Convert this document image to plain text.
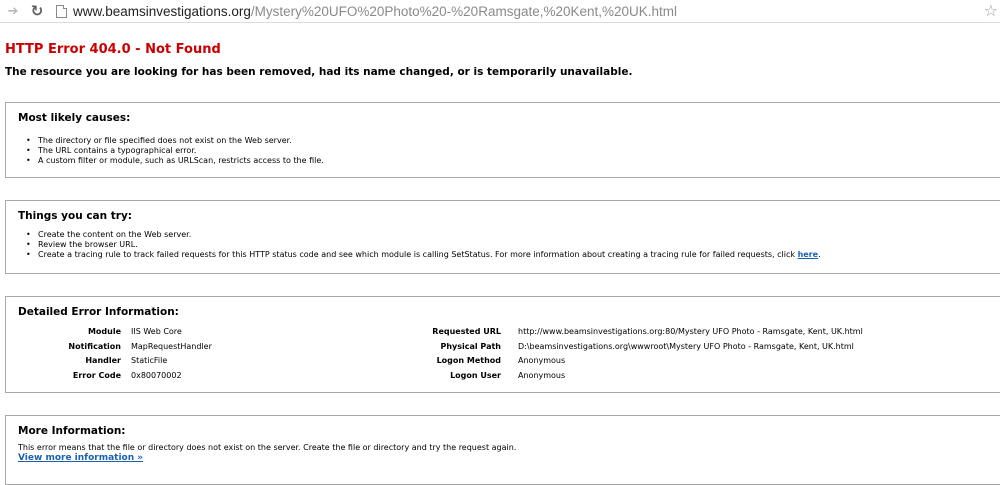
➔ ↻ www.beamsinvestigations.org/Mystery%20UFO%20Photo%20-%20Ramsgate,%20Kent,%20UK.html	☆
HTTP Error 404.0 - Not Found
The resource you are looking for has been removed, had its name changed, or is temporarily unavailable.
Most likely causes:
• The directory or file specified does not exist on the Web server.
• The URL contains a typographical error.
• A custom filter or module, such as URLScan, restricts access to the file.
Things you can try:
• Create the content on the Web server.
• Review the browser URL.
• Create a tracing rule to track failed requests for this HTTP status code and see which module is calling SetStatus. For more information about creating a tracing rule for failed requests, click here.
Detailed Error Information:
Module IIS Web Core	Requested URL http://www.beamsinvestigations.org:80/Mystery UFO Photo - Ramsgate, Kent, UK.html
Notification MapRequestHandler	Physical Path D:\beamsinvestigations.org\wwwroot\Mystery UFO Photo - Ramsgate, Kent, UK.html
Handler StaticFile	Logon Method Anonymous
Error Code 0x80070002	Logon User Anonymous
More Information:
This error means that the file or directory does not exist on the server. Create the file or directory and try the request again.
View more information »
